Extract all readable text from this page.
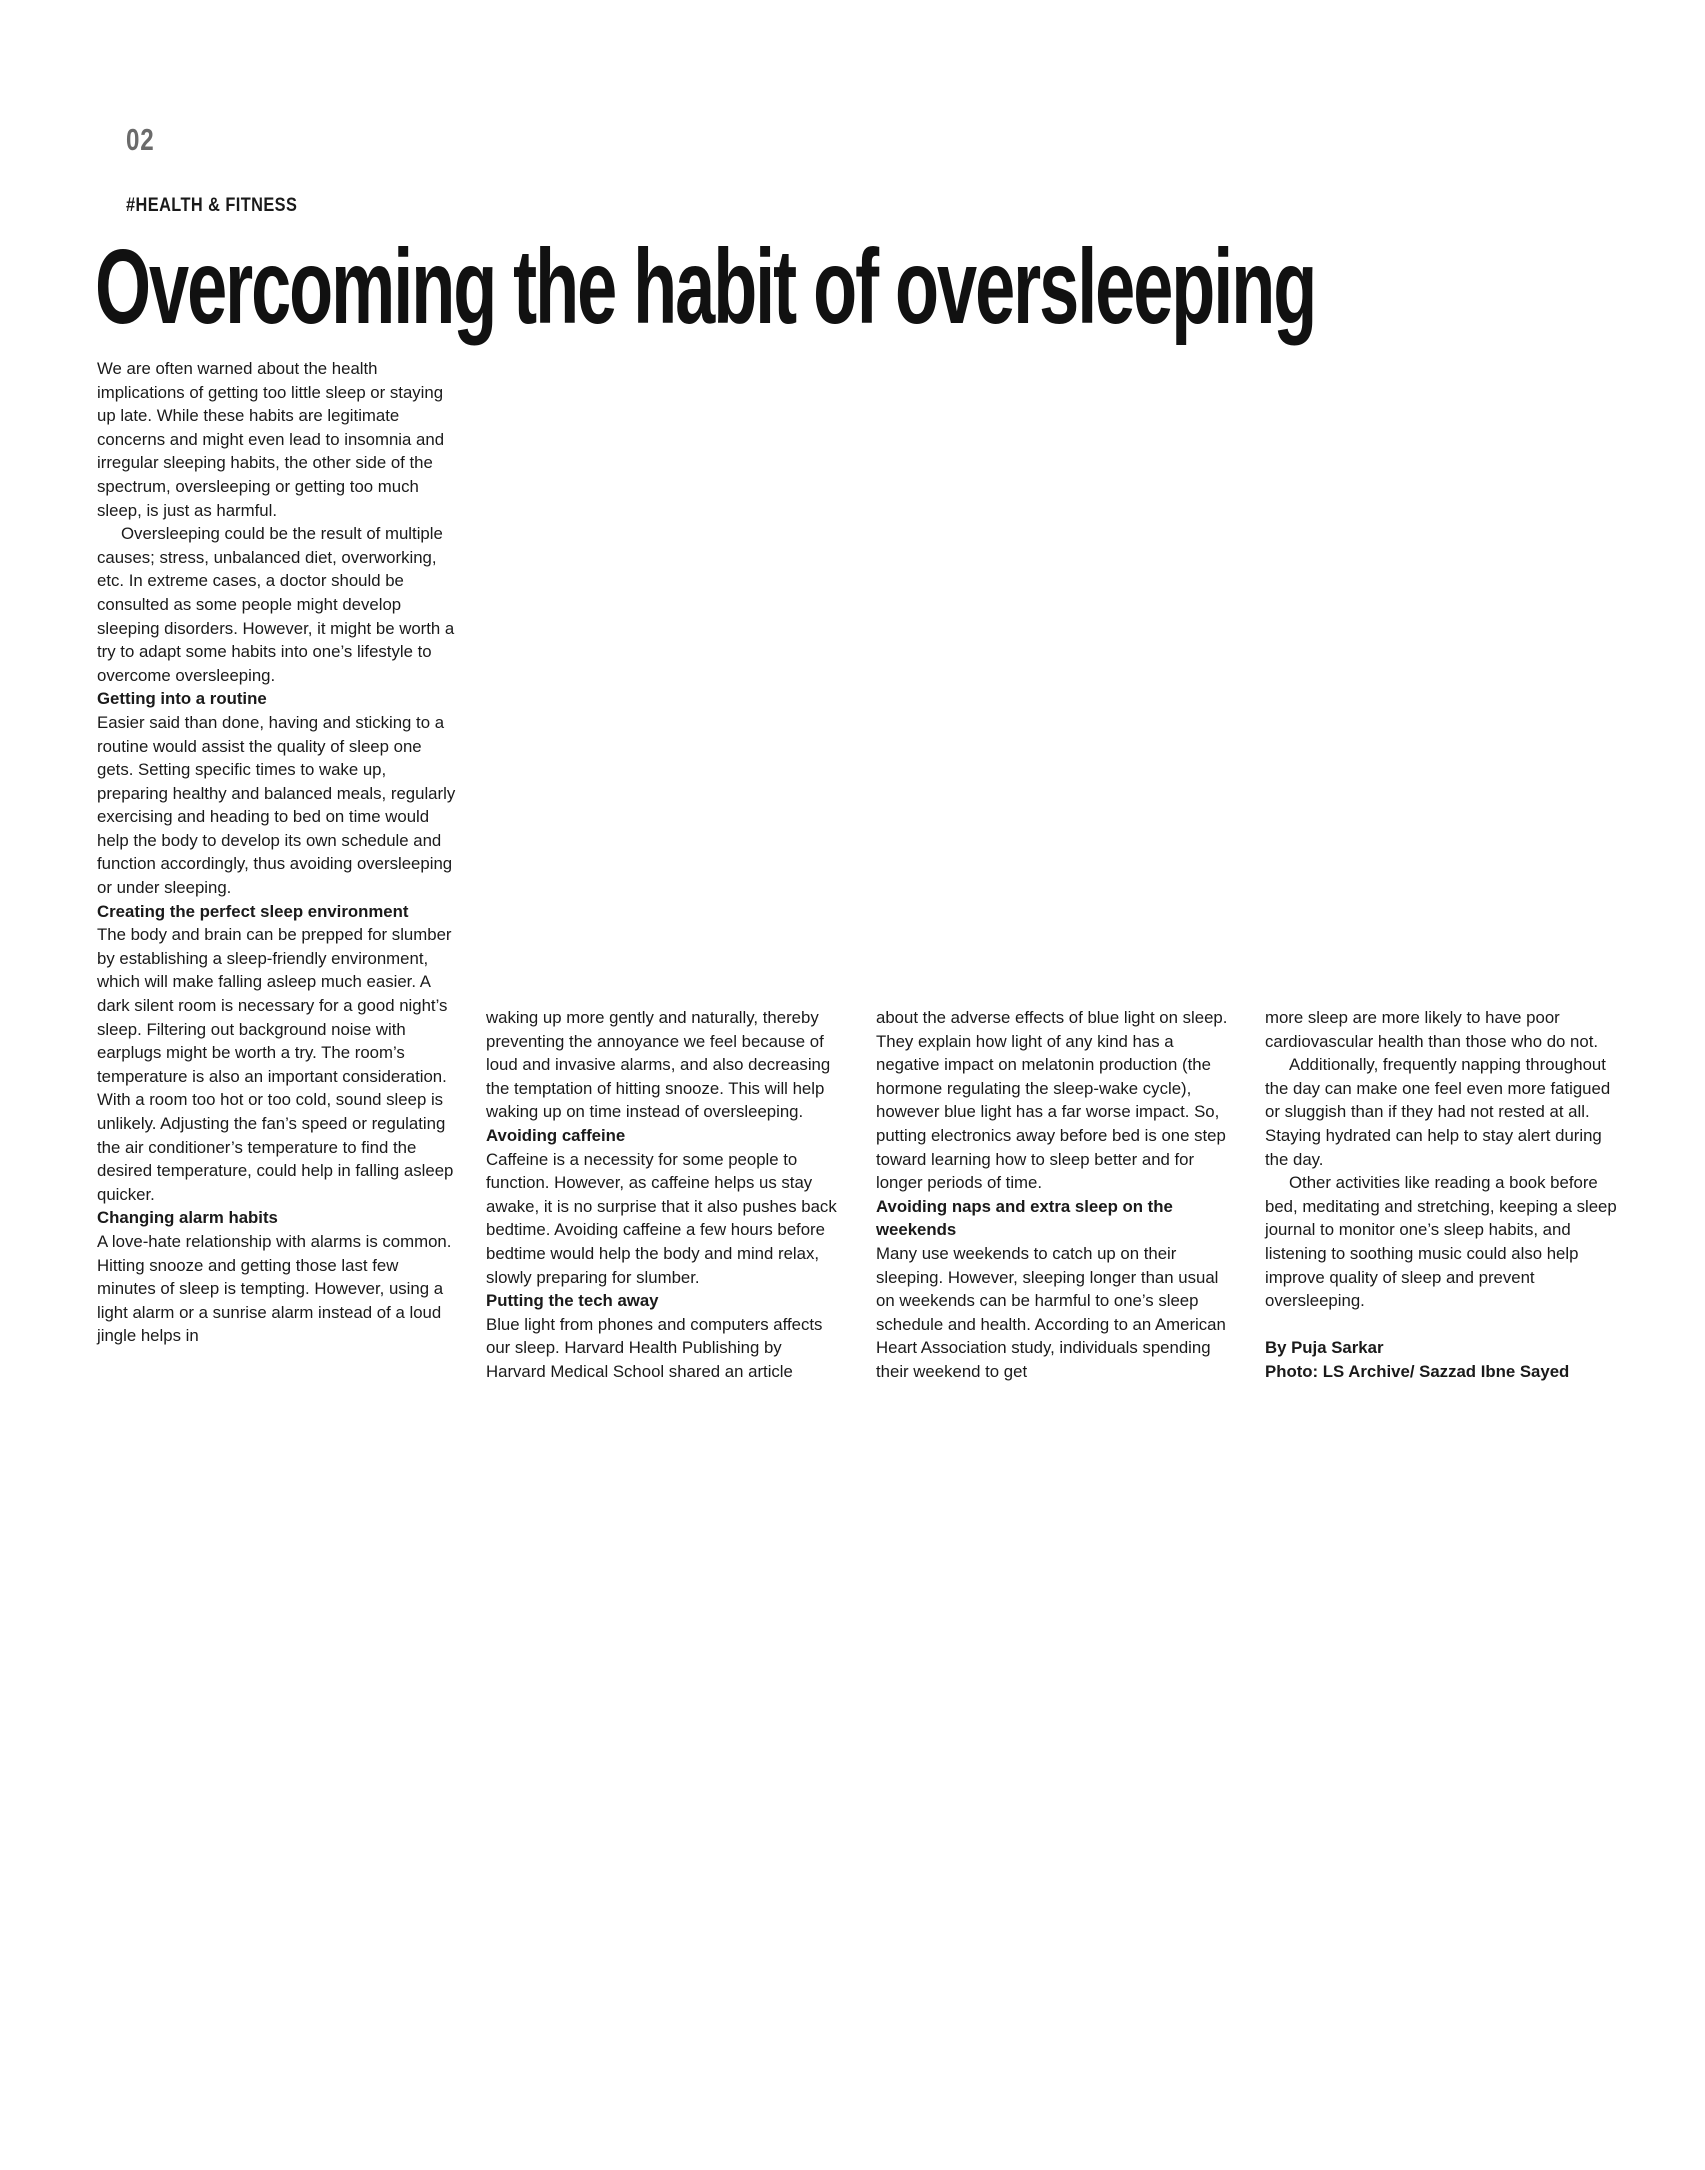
02
#HEALTH & FITNESS
Overcoming the habit of oversleeping

We are often warned about the health implications of getting too little sleep or staying up late. While these habits are legitimate concerns and might even lead to insomnia and irregular sleeping habits, the other side of the spectrum, oversleeping or getting too much sleep, is just as harmful.

Oversleeping could be the result of multiple causes; stress, unbalanced diet, overworking, etc. In extreme cases, a doctor should be consulted as some people might develop sleeping disorders. However, it might be worth a try to adapt some habits into one’s lifestyle to overcome oversleeping.

Getting into a routine

Easier said than done, having and sticking to a routine would assist the quality of sleep one gets. Setting specific times to wake up, preparing healthy and balanced meals, regularly exercising and heading to bed on time would help the body to develop its own schedule and function accordingly, thus avoiding oversleeping or under sleeping.

Creating the perfect sleep environment

The body and brain can be prepped for slumber by establishing a sleep-friendly environment, which will make falling asleep much easier. A dark silent room is necessary for a good night’s sleep. Filtering out background noise with earplugs might be worth a try. The room’s temperature is also an important consideration. With a room too hot or too cold, sound sleep is unlikely. Adjusting the fan’s speed or regulating the air conditioner’s temperature to find the desired temperature, could help in falling asleep quicker.

Changing alarm habits

A love-hate relationship with alarms is common. Hitting snooze and getting those last few minutes of sleep is tempting. However, using a light alarm or a sunrise alarm instead of a loud jingle helps in

waking up more gently and naturally, thereby preventing the annoyance we feel because of loud and invasive alarms, and also decreasing the temptation of hitting snooze. This will help waking up on time instead of oversleeping.

Avoiding caffeine

Caffeine is a necessity for some people to function. However, as caffeine helps us stay awake, it is no surprise that it also pushes back bedtime. Avoiding caffeine a few hours before bedtime would help the body and mind relax, slowly preparing for slumber.

Putting the tech away

Blue light from phones and computers affects our sleep. Harvard Health Publishing by Harvard Medical School shared an article

about the adverse effects of blue light on sleep. They explain how light of any kind has a negative impact on melatonin production (the hormone regulating the sleep-wake cycle), however blue light has a far worse impact. So, putting electronics away before bed is one step toward learning how to sleep better and for longer periods of time.

Avoiding naps and extra sleep on the weekends

Many use weekends to catch up on their sleeping. However, sleeping longer than usual on weekends can be harmful to one’s sleep schedule and health. According to an American Heart Association study, individuals spending their weekend to get

more sleep are more likely to have poor cardiovascular health than those who do not.

Additionally, frequently napping throughout the day can make one feel even more fatigued or sluggish than if they had not rested at all. Staying hydrated can help to stay alert during the day.

Other activities like reading a book before bed, meditating and stretching, keeping a sleep journal to monitor one’s sleep habits, and listening to soothing music could also help improve quality of sleep and prevent oversleeping.

By Puja Sarkar

Photo: LS Archive/ Sazzad Ibne Sayed
